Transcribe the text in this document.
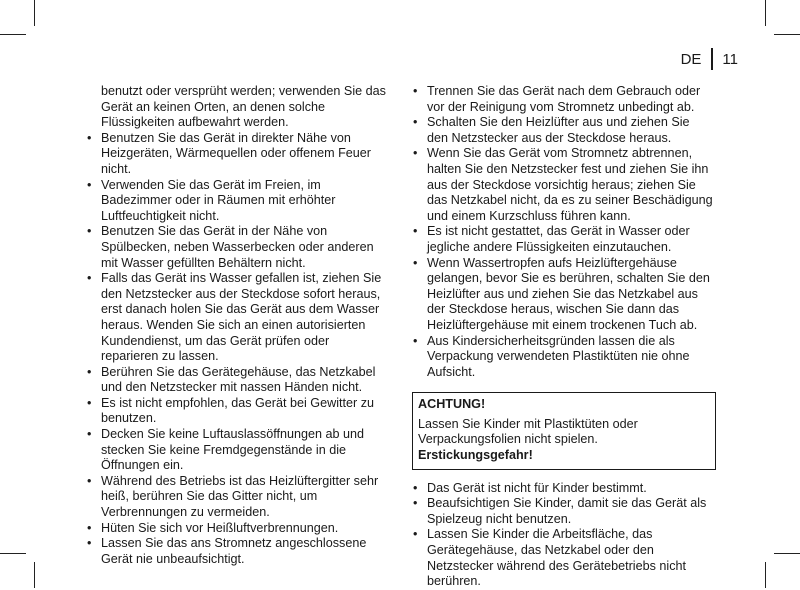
DE 11

benutzt oder versprüht werden; verwenden Sie das Gerät an keinen Orten, an denen solche Flüssigkeiten aufbewahrt werden.

• Benutzen Sie das Gerät in direkter Nähe von Heizgeräten, Wärmequellen oder offenem Feuer nicht.
• Verwenden Sie das Gerät im Freien, im Badezimmer oder in Räumen mit erhöhter Luftfeuchtigkeit nicht.
• Benutzen Sie das Gerät in der Nähe von Spülbecken, neben Wasserbecken oder anderen mit Wasser gefüllten Behältern nicht.
• Falls das Gerät ins Wasser gefallen ist, ziehen Sie den Netzstecker aus der Steckdose sofort heraus, erst danach holen Sie das Gerät aus dem Wasser heraus. Wenden Sie sich an einen autorisierten Kundendienst, um das Gerät prüfen oder reparieren zu lassen.
• Berühren Sie das Gerätegehäuse, das Netzkabel und den Netzstecker mit nassen Händen nicht.
• Es ist nicht empfohlen, das Gerät bei Gewitter zu benutzen.
• Decken Sie keine Luftauslassöffnungen ab und stecken Sie keine Fremdgegenstände in die Öffnungen ein.
• Während des Betriebs ist das Heizlüftergitter sehr heiß, berühren Sie das Gitter nicht, um Verbrennungen zu vermeiden.
• Hüten Sie sich vor Heißluftverbrennungen.
• Lassen Sie das ans Stromnetz angeschlossene Gerät nie unbeaufsichtigt.
• Trennen Sie das Gerät nach dem Gebrauch oder vor der Reinigung vom Stromnetz unbedingt ab.
• Schalten Sie den Heizlüfter aus und ziehen Sie den Netzstecker aus der Steckdose heraus.
• Wenn Sie das Gerät vom Stromnetz abtrennen, halten Sie den Netzstecker fest und ziehen Sie ihn aus der Steckdose vorsichtig heraus; ziehen Sie das Netzkabel nicht, da es zu seiner Beschädigung und einem Kurzschluss führen kann.
• Es ist nicht gestattet, das Gerät in Wasser oder jegliche andere Flüssigkeiten einzutauchen.
• Wenn Wassertropfen aufs Heizlüftergehäuse gelangen, bevor Sie es berühren, schalten Sie den Heizlüfter aus und ziehen Sie das Netzkabel aus der Steckdose heraus, wischen Sie dann das Heizlüftergehäuse mit einem trockenen Tuch ab.
• Aus Kindersicherheitsgründen lassen die als Verpackung verwendeten Plastiktüten nie ohne Aufsicht.
ACHTUNG!
Lassen Sie Kinder mit Plastiktüten oder Verpackungsfolien nicht spielen. Erstickungsgefahr!
• Das Gerät ist nicht für Kinder bestimmt.
• Beaufsichtigen Sie Kinder, damit sie das Gerät als Spielzeug nicht benutzen.
• Lassen Sie Kinder die Arbeitsfläche, das Gerätegehäuse, das Netzkabel oder den Netzstecker während des Gerätebetriebs nicht berühren.
